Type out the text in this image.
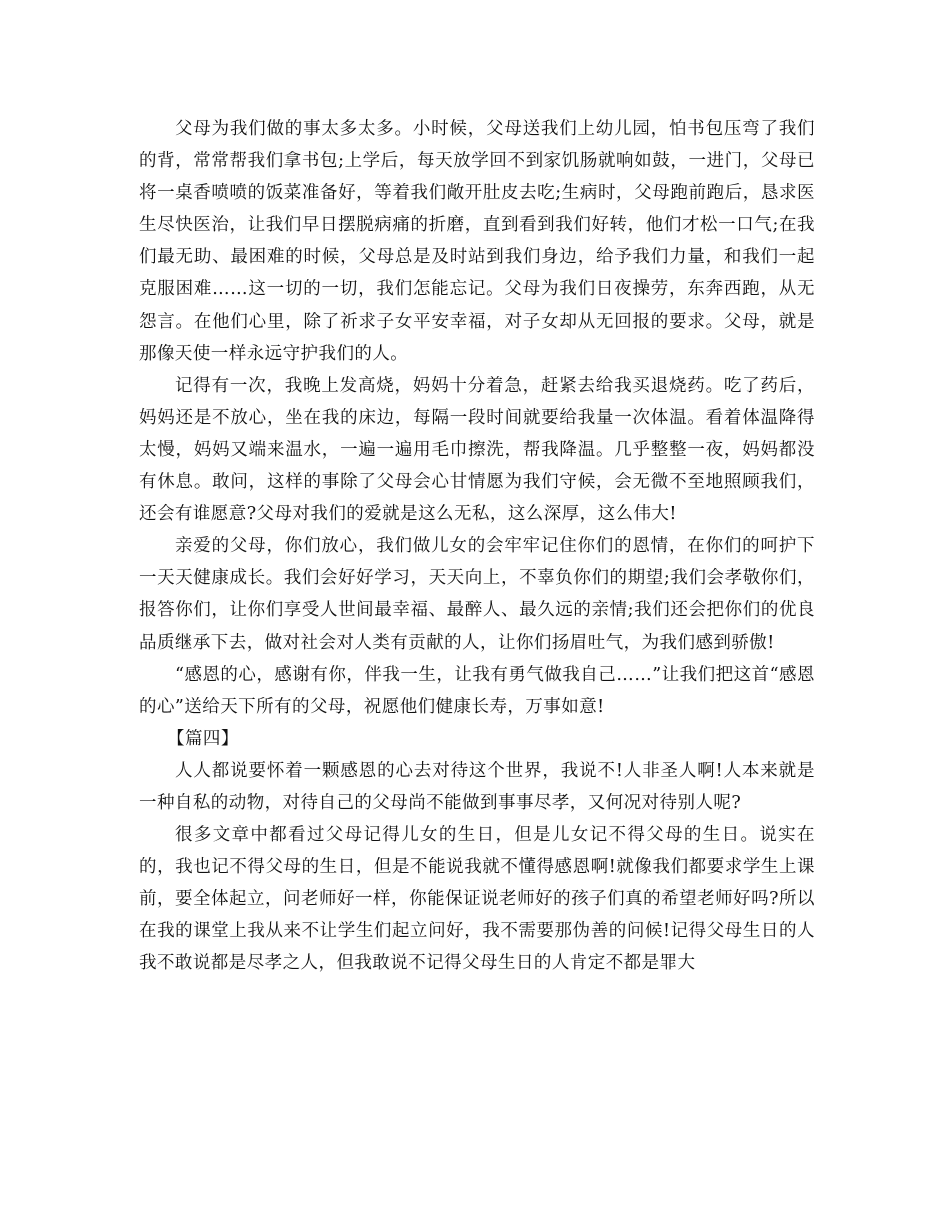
父母为我们做的事太多太多。小时候，父母送我们上幼儿园，怕书包压弯了我们的背，常常帮我们拿书包;上学后，每天放学回不到家饥肠就响如鼓，一进门，父母已将一桌香喷喷的饭菜准备好，等着我们敞开肚皮去吃;生病时，父母跑前跑后，恳求医生尽快医治，让我们早日摆脱病痛的折磨，直到看到我们好转，他们才松一口气;在我们最无助、最困难的时候，父母总是及时站到我们身边，给予我们力量，和我们一起克服困难……这一切的一切，我们怎能忘记。父母为我们日夜操劳，东奔西跑，从无怨言。在他们心里，除了祈求子女平安幸福，对子女却从无回报的要求。父母，就是那像天使一样永远守护我们的人。

记得有一次，我晚上发高烧，妈妈十分着急，赶紧去给我买退烧药。吃了药后，妈妈还是不放心，坐在我的床边，每隔一段时间就要给我量一次体温。看着体温降得太慢，妈妈又端来温水，一遍一遍用毛巾擦洗，帮我降温。几乎整整一夜，妈妈都没有休息。敢问，这样的事除了父母会心甘情愿为我们守候，会无微不至地照顾我们，还会有谁愿意?父母对我们的爱就是这么无私，这么深厚，这么伟大!

亲爱的父母，你们放心，我们做儿女的会牢牢记住你们的恩情，在你们的呵护下一天天健康成长。我们会好好学习，天天向上，不辜负你们的期望;我们会孝敬你们，报答你们，让你们享受人世间最幸福、最醉人、最久远的亲情;我们还会把你们的优良品质继承下去，做对社会对人类有贡献的人，让你们扬眉吐气，为我们感到骄傲!

“感恩的心，感谢有你，伴我一生，让我有勇气做我自己……”让我们把这首“感恩的心”送给天下所有的父母，祝愿他们健康长寿，万事如意!

【篇四】

人人都说要怀着一颗感恩的心去对待这个世界，我说不!人非圣人啊!人本来就是一种自私的动物，对待自己的父母尚不能做到事事尽孝，又何况对待别人呢?

很多文章中都看过父母记得儿女的生日，但是儿女记不得父母的生日。说实在的，我也记不得父母的生日，但是不能说我就不懂得感恩啊!就像我们都要求学生上课前，要全体起立，问老师好一样，你能保证说老师好的孩子们真的希望老师好吗?所以在我的课堂上我从来不让学生们起立问好，我不需要那伪善的问候!记得父母生日的人我不敢说都是尽孝之人，但我敢说不记得父母生日的人肯定不都是罪大
